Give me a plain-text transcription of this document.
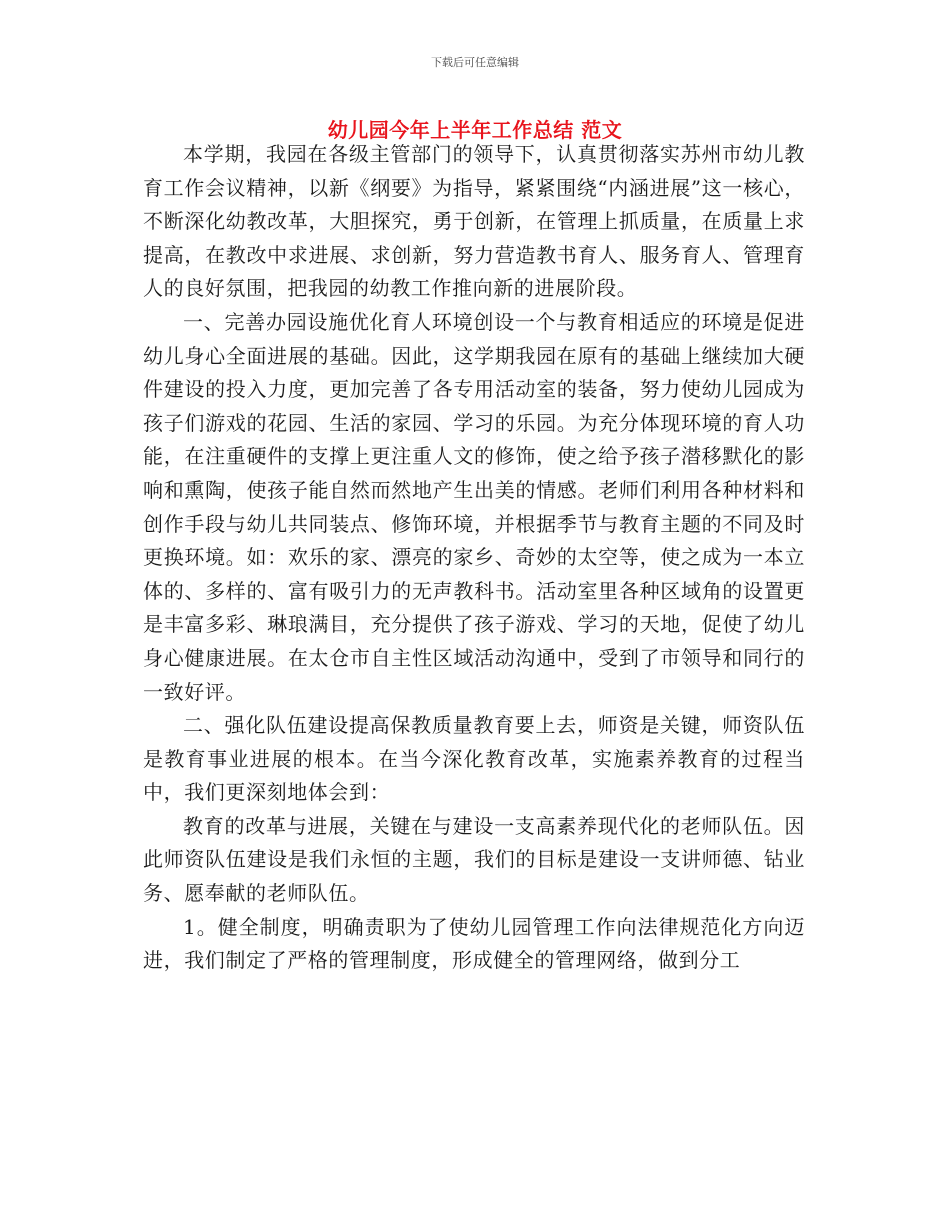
下载后可任意编辑
幼儿园今年上半年工作总结 范文

本学期，我园在各级主管部门的领导下，认真贯彻落实苏州市幼儿教育工作会议精神，以新《纲要》为指导，紧紧围绕“内涵进展”这一核心，不断深化幼教改革，大胆探究，勇于创新，在管理上抓质量，在质量上求提高，在教改中求进展、求创新，努力营造教书育人、服务育人、管理育人的良好氛围，把我园的幼教工作推向新的进展阶段。

一、完善办园设施优化育人环境创设一个与教育相适应的环境是促进幼儿身心全面进展的基础。因此，这学期我园在原有的基础上继续加大硬件建设的投入力度，更加完善了各专用活动室的装备，努力使幼儿园成为孩子们游戏的花园、生活的家园、学习的乐园。为充分体现环境的育人功能，在注重硬件的支撑上更注重人文的修饰，使之给予孩子潜移默化的影响和熏陶，使孩子能自然而然地产生出美的情感。老师们利用各种材料和创作手段与幼儿共同装点、修饰环境，并根据季节与教育主题的不同及时更换环境。如：欢乐的家、漂亮的家乡、奇妙的太空等，使之成为一本立体的、多样的、富有吸引力的无声教科书。活动室里各种区域角的设置更是丰富多彩、琳琅满目，充分提供了孩子游戏、学习的天地，促使了幼儿身心健康进展。在太仓市自主性区域活动沟通中，受到了市领导和同行的一致好评。

二、强化队伍建设提高保教质量教育要上去，师资是关键，师资队伍是教育事业进展的根本。在当今深化教育改革，实施素养教育的过程当中，我们更深刻地体会到：

教育的改革与进展，关键在与建设一支高素养现代化的老师队伍。因此师资队伍建设是我们永恒的主题，我们的目标是建设一支讲师德、钻业务、愿奉献的老师队伍。

1。健全制度，明确责职为了使幼儿园管理工作向法律规范化方向迈进，我们制定了严格的管理制度，形成健全的管理网络，做到分工
